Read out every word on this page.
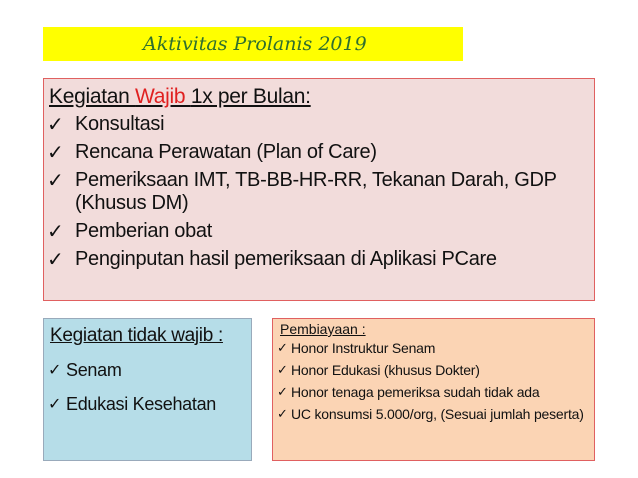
Aktivitas Prolanis 2019
Kegiatan Wajib 1x per Bulan:
✓ Konsultasi
✓ Rencana Perawatan (Plan of Care)
✓ Pemeriksaan IMT, TB-BB-HR-RR, Tekanan Darah, GDP (Khusus DM)
✓ Pemberian obat
✓ Penginputan hasil pemeriksaan di Aplikasi PCare
Kegiatan tidak wajib :
✓ Senam
✓ Edukasi Kesehatan
Pembiayaan :
✓ Honor Instruktur Senam
✓ Honor Edukasi (khusus Dokter)
✓ Honor tenaga pemeriksa sudah tidak ada
✓ UC konsumsi 5.000/org, (Sesuai jumlah peserta)
